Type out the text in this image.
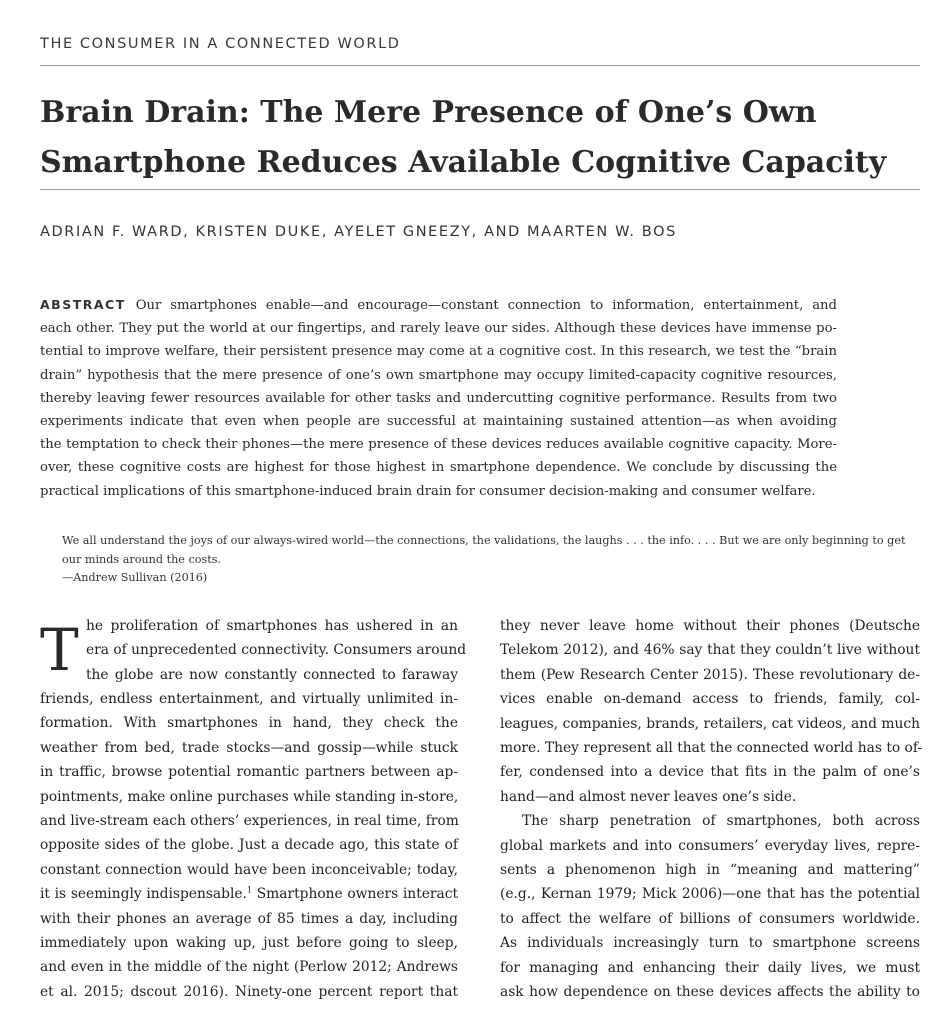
THE CONSUMER IN A CONNECTED WORLD
Brain Drain: The Mere Presence of One’s Own
Smartphone Reduces Available Cognitive Capacity
ADRIAN F. WARD, KRISTEN DUKE, AYELET GNEEZY, AND MAARTEN W. BOS
ABSTRACT Our smartphones enable—and encourage—constant connection to information, entertainment, and
each other. They put the world at our fingertips, and rarely leave our sides. Although these devices have immense po-
tential to improve welfare, their persistent presence may come at a cognitive cost. In this research, we test the “brain
drain” hypothesis that the mere presence of one’s own smartphone may occupy limited-capacity cognitive resources,
thereby leaving fewer resources available for other tasks and undercutting cognitive performance. Results from two
experiments indicate that even when people are successful at maintaining sustained attention—as when avoiding
the temptation to check their phones—the mere presence of these devices reduces available cognitive capacity. More-
over, these cognitive costs are highest for those highest in smartphone dependence. We conclude by discussing the
practical implications of this smartphone-induced brain drain for consumer decision-making and consumer welfare.
We all understand the joys of our always-wired world—the connections, the validations, the laughs . . . the info. . . . But we are only beginning to get
our minds around the costs.
—Andrew Sullivan (2016)
T he proliferation of smartphones has ushered in an
era of unprecedented connectivity. Consumers around
the globe are now constantly connected to faraway
friends, endless entertainment, and virtually unlimited in-
formation. With smartphones in hand, they check the
weather from bed, trade stocks—and gossip—while stuck
in traffic, browse potential romantic partners between ap-
pointments, make online purchases while standing in-store,
and live-stream each others’ experiences, in real time, from
opposite sides of the globe. Just a decade ago, this state of
constant connection would have been inconceivable; today,
it is seemingly indispensable.$^1$ Smartphone owners interact
with their phones an average of 85 times a day, including
immediately upon waking up, just before going to sleep,
and even in the middle of the night (Perlow 2012; Andrews
et al. 2015; dscout 2016). Ninety-one percent report that
they never leave home without their phones (Deutsche
Telekom 2012), and 46% say that they couldn’t live without
them (Pew Research Center 2015). These revolutionary de-
vices enable on-demand access to friends, family, col-
leagues, companies, brands, retailers, cat videos, and much
more. They represent all that the connected world has to of-
fer, condensed into a device that fits in the palm of one’s
hand—and almost never leaves one’s side.
The sharp penetration of smartphones, both across
global markets and into consumers’ everyday lives, repre-
sents a phenomenon high in “meaning and mattering”
(e.g., Kernan 1979; Mick 2006)—one that has the potential
to affect the welfare of billions of consumers worldwide.
As individuals increasingly turn to smartphone screens
for managing and enhancing their daily lives, we must
ask how dependence on these devices affects the ability to
